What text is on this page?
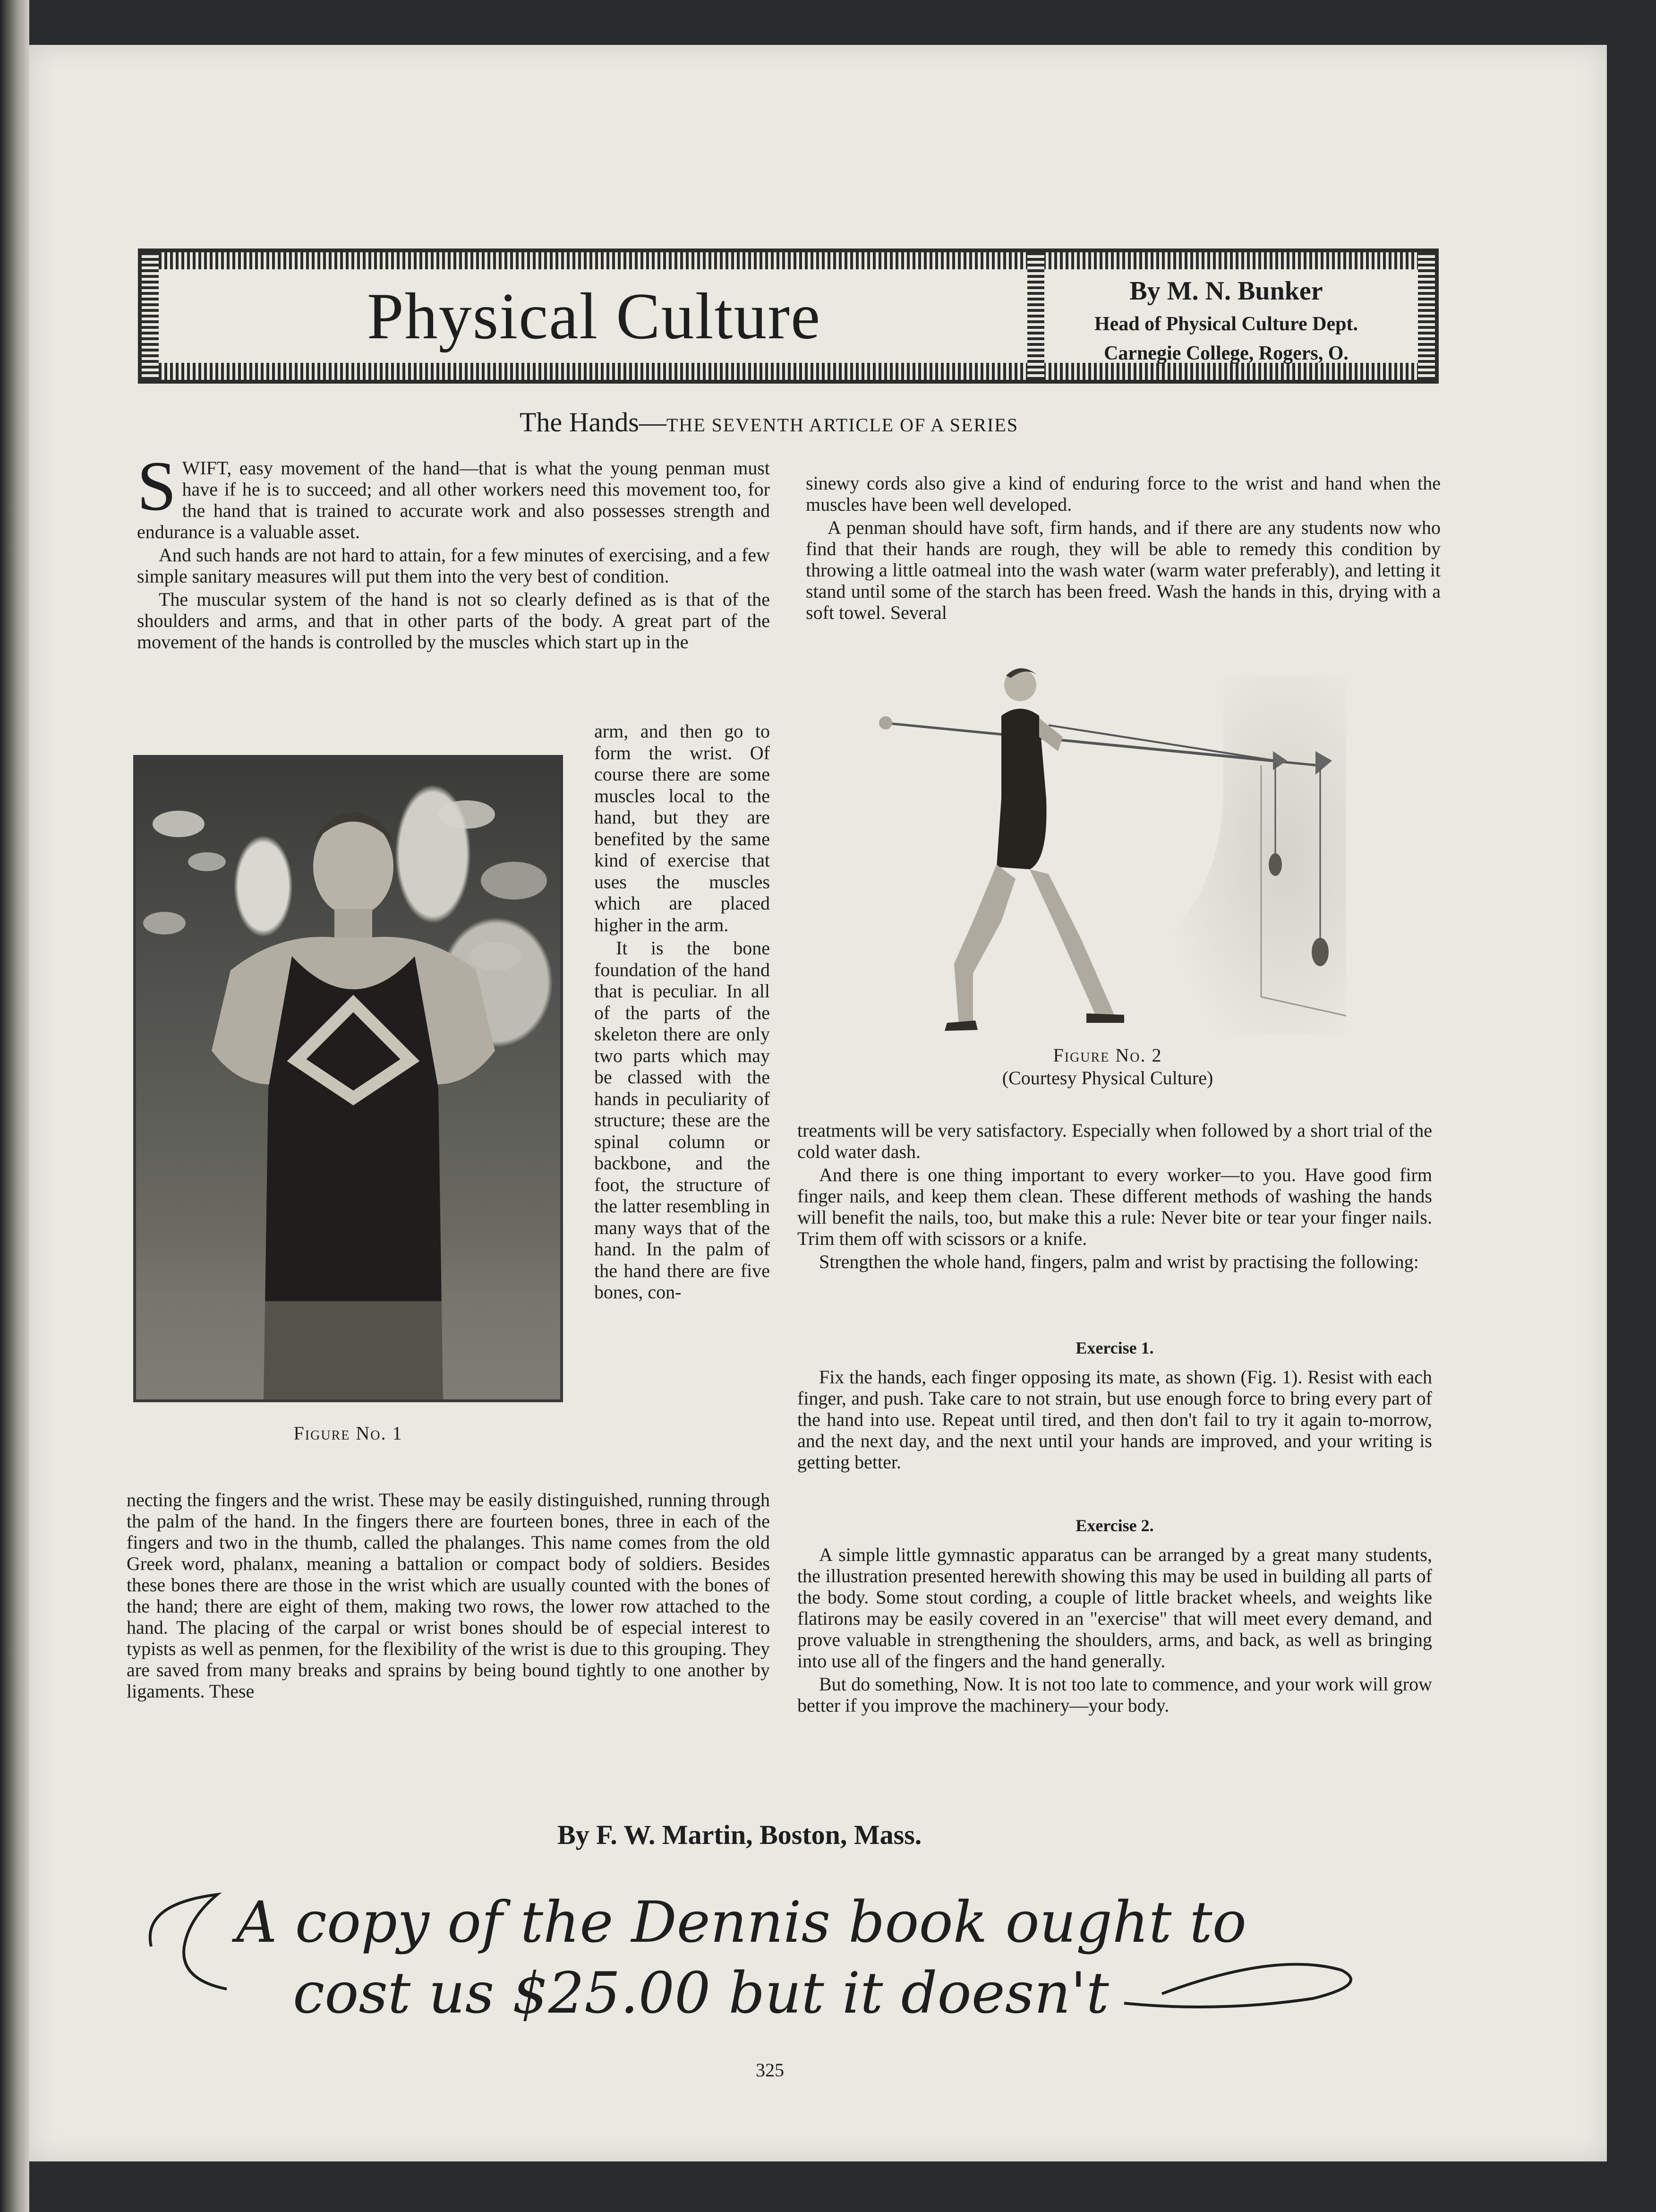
Physical Culture	By M. N. Bunker
Head of Physical Culture Dept.
Carnegie College, Rogers, O.
The Hands—THE SEVENTH ARTICLE OF A SERIES

SWIFT, easy movement of the hand—that is what the young penman must have if he is to succeed; and all other workers need this movement too, for the hand that is trained to accurate work and also possesses strength and endurance is a valuable asset.

And such hands are not hard to attain, for a few minutes of exercising, and a few simple sanitary measures will put them into the very best of condition.

The muscular system of the hand is not so clearly defined as is that of the shoulders and arms, and that in other parts of the body. A great part of the movement of the hands is controlled by the muscles which start up in the

arm, and then go to form the wrist. Of course there are some muscles local to the hand, but they are benefited by the same kind of exercise that uses the muscles which are placed higher in the arm.

It is the bone foundation of the hand that is peculiar. In all of the parts of the skeleton there are only two parts which may be classed with the hands in peculiarity of structure; these are the spinal column or backbone, and the foot, the structure of the latter resembling in many ways that of the hand. In the palm of the hand there are five bones, con-

Figure No. 1

necting the fingers and the wrist. These may be easily distinguished, running through the palm of the hand. In the fingers there are fourteen bones, three in each of the fingers and two in the thumb, called the phalanges. This name comes from the old Greek word, phalanx, meaning a battalion or compact body of soldiers. Besides these bones there are those in the wrist which are usually counted with the bones of the hand; there are eight of them, making two rows, the lower row attached to the hand. The placing of the carpal or wrist bones should be of especial interest to typists as well as penmen, for the flexibility of the wrist is due to this grouping. They are saved from many breaks and sprains by being bound tightly to one another by ligaments. These

sinewy cords also give a kind of enduring force to the wrist and hand when the muscles have been well developed.

A penman should have soft, firm hands, and if there are any students now who find that their hands are rough, they will be able to remedy this condition by throwing a little oatmeal into the wash water (warm water preferably), and letting it stand until some of the starch has been freed. Wash the hands in this, drying with a soft towel. Several

Figure No. 2
(Courtesy Physical Culture)

treatments will be very satisfactory. Especially when followed by a short trial of the cold water dash.

And there is one thing important to every worker—to you. Have good firm finger nails, and keep them clean. These different methods of washing the hands will benefit the nails, too, but make this a rule: Never bite or tear your finger nails. Trim them off with scissors or a knife.

Strengthen the whole hand, fingers, palm and wrist by practising the following:

Exercise 1.

Fix the hands, each finger opposing its mate, as shown (Fig. 1). Resist with each finger, and push. Take care to not strain, but use enough force to bring every part of the hand into use. Repeat until tired, and then don't fail to try it again to-morrow, and the next day, and the next until your hands are improved, and your writing is getting better.

Exercise 2.

A simple little gymnastic apparatus can be arranged by a great many students, the illustration presented herewith showing this may be used in building all parts of the body. Some stout cording, a couple of little bracket wheels, and weights like flatirons may be easily covered in an "exercise" that will meet every demand, and prove valuable in strengthening the shoulders, arms, and back, as well as bringing into use all of the fingers and the hand generally.

But do something, Now. It is not too late to commence, and your work will grow better if you improve the machinery—your body.

By F. W. Martin, Boston, Mass.
A copy of the Dennis book ought to
cost us $25.00 but it doesn't
325
